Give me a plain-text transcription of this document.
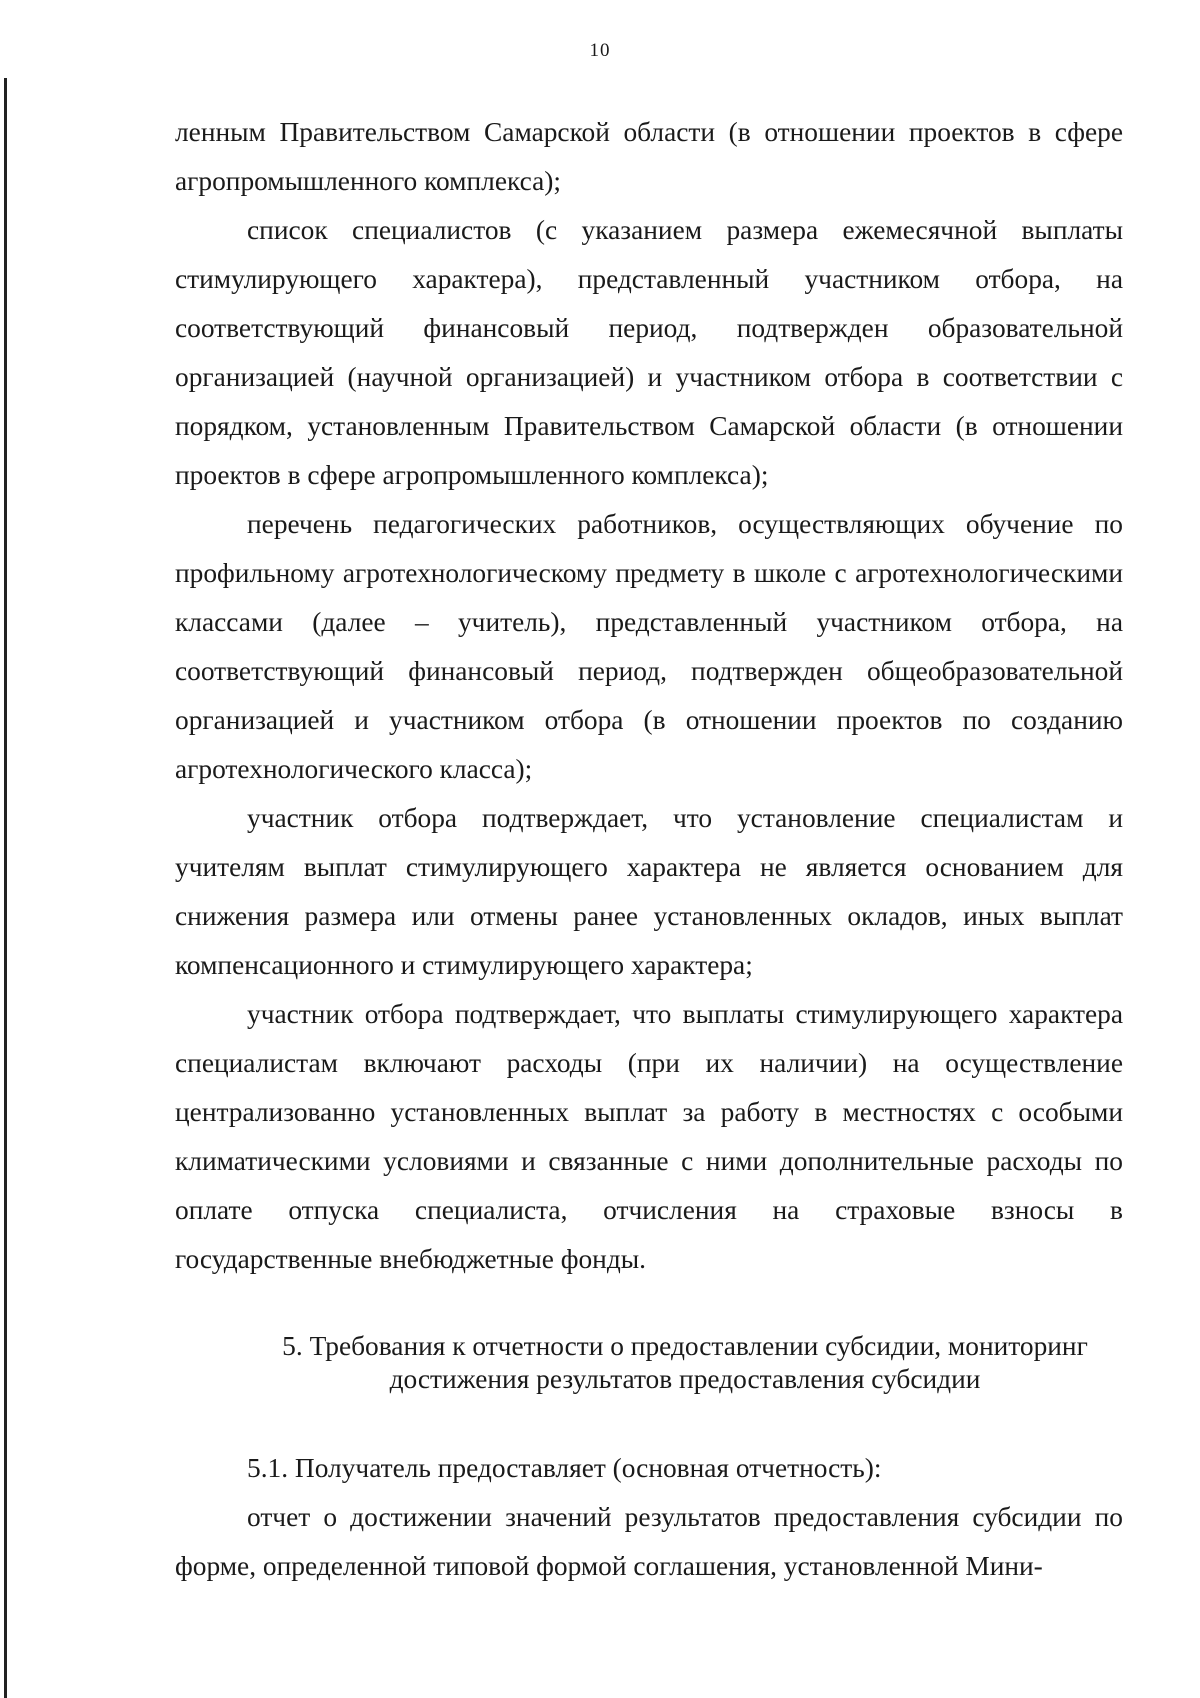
10

ленным Правительством Самарской области (в отношении проектов в сфере агропромышленного комплекса);

список специалистов (с указанием размера ежемесячной выплаты стимулирующего характера), представленный участником отбора, на соответствующий финансовый период, подтвержден образовательной организацией (научной организацией) и участником отбора в соответствии с порядком, установленным Правительством Самарской области (в отношении проектов в сфере агропромышленного комплекса);

перечень педагогических работников, осуществляющих обучение по профильному агротехнологическому предмету в школе с агротехнологическими классами (далее – учитель), представленный участником отбора, на соответствующий финансовый период, подтвержден общеобразовательной организацией и участником отбора (в отношении проектов по созданию агротехнологического класса);

участник отбора подтверждает, что установление специалистам и учителям выплат стимулирующего характера не является основанием для снижения размера или отмены ранее установленных окладов, иных выплат компенсационного и стимулирующего характера;

участник отбора подтверждает, что выплаты стимулирующего характера специалистам включают расходы (при их наличии) на осуществление централизованно установленных выплат за работу в местностях с особыми климатическими условиями и связанные с ними дополнительные расходы по оплате отпуска специалиста, отчисления на страховые взносы в государственные внебюджетные фонды.

5. Требования к отчетности о предоставлении субсидии, мониторинг
достижения результатов предоставления субсидии

5.1. Получатель предоставляет (основная отчетность):

отчет о достижении значений результатов предоставления субсидии по форме, определенной типовой формой соглашения, установленной Мини-
